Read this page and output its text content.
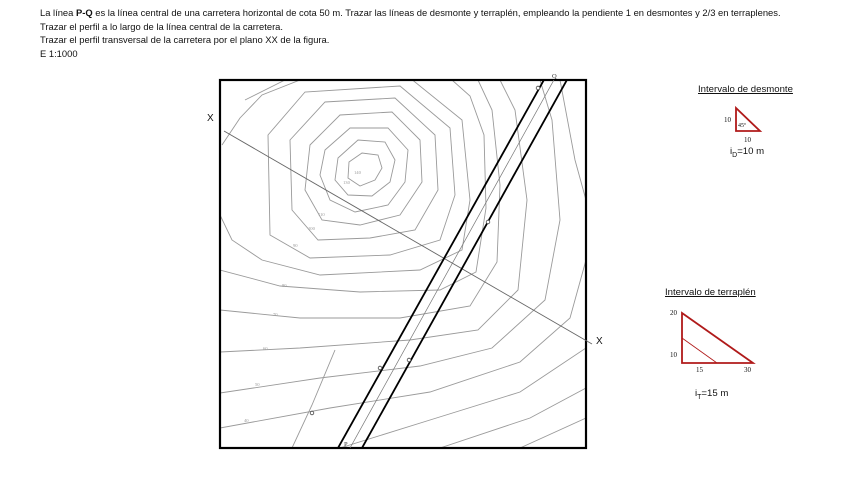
La línea P-Q es la línea central de una carretera horizontal de cota 50 m. Trazar las líneas de desmonte y terraplén, empleando la pendiente 1 en desmontes y 2/3 en terraplenes.
Trazar el perfil a lo largo de la línea central de la carretera.
Trazar el perfil transversal de la carretera por el plano XX de la figura.
E 1:1000
140
130
110
100
90
80
70
60
50
40
P
Q
X
X
10
45º
10
20
10
15	30
Intervalo de desmonte
$i_D=10$ m
Intervalo de terraplén
$i_T=15$ m
